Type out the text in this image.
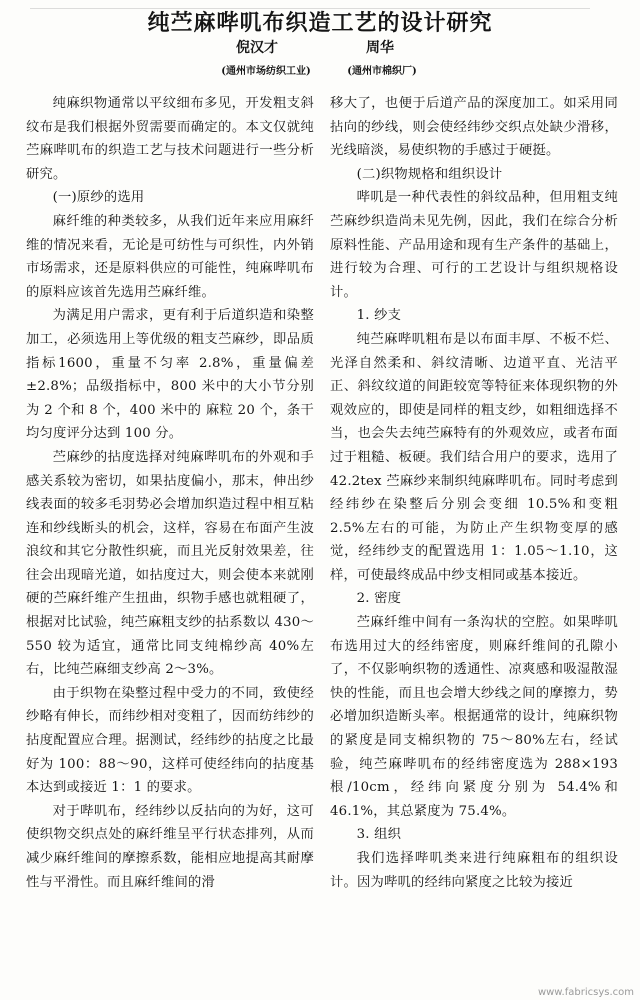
纯苎麻哔叽布织造工艺的设计研究
倪汉才
(通州市场纺织工业)
周华
(通州市棉织厂)

纯麻织物通常以平纹细布多见，开发粗支斜纹布是我们根据外贸需要而确定的。本文仅就纯苎麻哔叽布的织造工艺与技术问题进行一些分析研究。

(一)原纱的选用

麻纤维的种类较多，从我们近年来应用麻纤维的情况来看，无论是可纺性与可织性，内外销市场需求，还是原料供应的可能性，纯麻哔叽布的原料应该首先选用苎麻纤维。

为满足用户需求，更有利于后道织造和染整加工，必须选用上等优级的粗支苎麻纱，即品质指标1600，重量不匀率 2.8%，重量偏差±2.8%；品级指标中，800 米中的大小节分别为 2 个和 8 个，400 米中的 麻粒 20 个，条干均匀度评分达到 100 分。

苎麻纱的拈度选择对纯麻哔叽布的外观和手感关系较为密切，如果拈度偏小，那末，伸出纱线表面的较多毛羽势必会增加织造过程中相互粘连和纱线断头的机会，这样，容易在布面产生波浪纹和其它分散性织疵，而且光反射效果差，往往会出现暗光道，如拈度过大，则会使本来就刚硬的苎麻纤维产生扭曲，织物手感也就粗硬了，根据对比试验，纯苎麻粗支纱的拈系数以 430～550 较为适宜，通常比同支纯棉纱高 40%左右，比纯苎麻细支纱高 2～3%。

由于织物在染整过程中受力的不同，致使经纱略有伸长，而纬纱相对变粗了，因而纺纬纱的拈度配置应合理。据测试，经纬纱的拈度之比最好为 100：88～90，这样可使经纬向的拈度基本达到或接近 1：1 的要求。

对于哔叽布，经纬纱以反拈向的为好，这可使织物交织点处的麻纤维呈平行状态排列，从而减少麻纤维间的摩擦系数，能相应地提高其耐摩性与平滑性。而且麻纤维间的滑

移大了，也便于后道产品的深度加工。如采用同拈向的纱线，则会使经纬纱交织点处缺少滑移，光线暗淡，易使织物的手感过于硬挺。

(二)织物规格和组织设计

哔叽是一种代表性的斜纹品种，但用粗支纯苎麻纱织造尚未见先例，因此，我们在综合分析原料性能、产品用途和现有生产条件的基础上，进行较为合理、可行的工艺设计与组织规格设计。

1. 纱支

纯苎麻哔叽粗布是以布面丰厚、不板不烂、光泽自然柔和、斜纹清晰、边道平直、光洁平正、斜纹纹道的间距较宽等特征来体现织物的外观效应的，即使是同样的粗支纱，如粗细选择不当，也会失去纯苎麻特有的外观效应，或者布面过于粗糙、板硬。我们结合用户的要求，选用了 42.2tex 苎麻纱来制织纯麻哔叽布。同时考虑到经纬纱在染整后分别会变细 10.5%和变粗 2.5%左右的可能，为防止产生织物变厚的感觉，经纬纱支的配置选用 1：1.05～1.10，这样，可使最终成品中纱支相同或基本接近。

2. 密度

苎麻纤维中间有一条沟状的空腔。如果哔叽布选用过大的经纬密度，则麻纤维间的孔隙小了，不仅影响织物的透通性、凉爽感和吸湿散湿快的性能，而且也会增大纱线之间的摩擦力，势必增加织造断头率。根据通常的设计，纯麻织物的紧度是同支棉织物的 75～80%左右，经试验，纯苎麻哔叽布的经纬密度选为 288×193 根/10cm，经纬向紧度分别为 54.4%和 46.1%，其总紧度为 75.4%。

3. 组织

我们选择哔叽类来进行纯麻粗布的组织设计。因为哔叽的经纬向紧度之比较为接近

www.fabricsys.com
